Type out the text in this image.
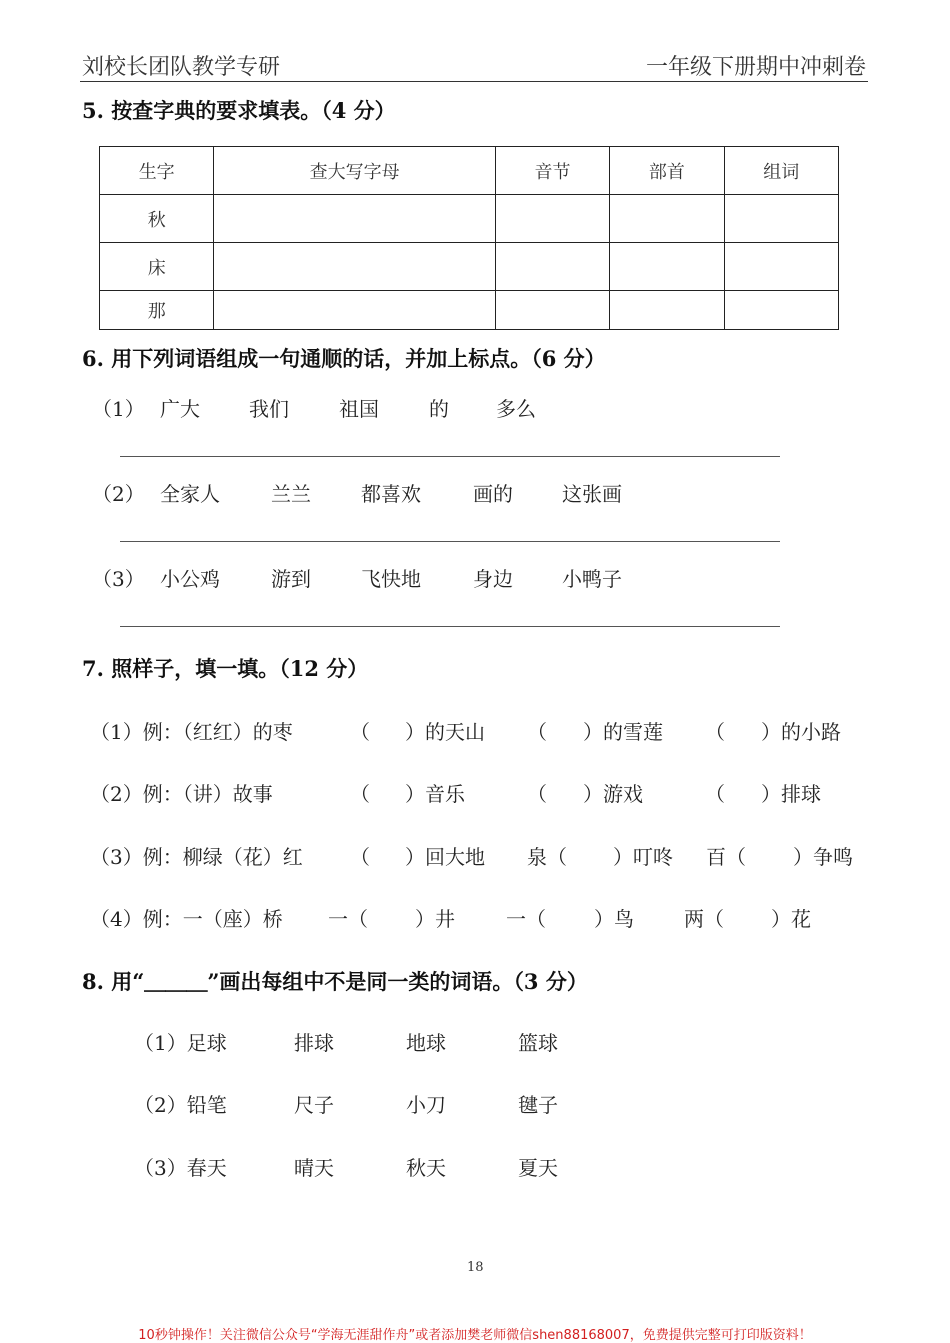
刘校长团队教学专研	一年级下册期中冲刺卷
5. 按查字典的要求填表。（4 分）
生字	查大写字母	音节	部首	组词
秋				
床				
那				
6. 用下列词语组成一句通顺的话，并加上标点。（6 分）
（1） 广大 我们	祖国	的 多么
（2） 全家人	兰兰	都喜欢	画的 这张画
（3） 小公鸡	游到	飞快地	身边 小鸭子
7. 照样子，填一填。（12 分）
（1）例：（红红）的枣	（ ）的天山 （ ）的雪莲 （ ）的小路
（2）例：（讲）故事	（ ）音乐	（ ）游戏	（ ）排球
（3）例：柳绿（花）红 （ ）回大地 泉（ ）叮咚 百（ ）争鸣
（4）例：一（座）桥 一（ ）井	一（ ）鸟	两（ ）花
8. 用“＿＿＿”画出每组中不是同一类的词语。（3 分）
（1）足球	排球	地球	篮球
（2）铅笔	尺子	小刀	毽子
（3）春天	晴天	秋天	夏天
18
10秒钟操作！关注微信公众号“学海无涯甜作舟”或者添加樊老师微信shen88168007，免费提供完整可打印版资料！
